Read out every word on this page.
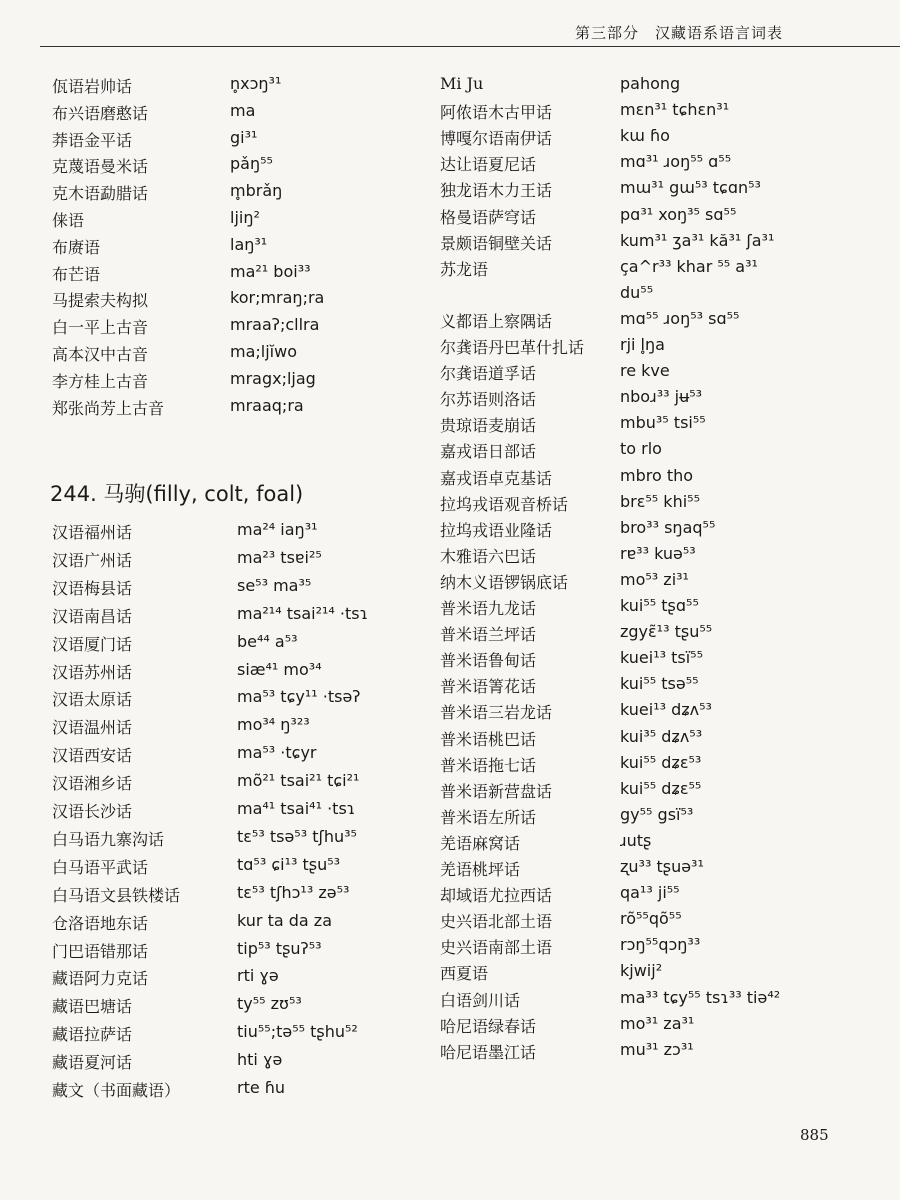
第三部分　汉藏语系语言词表
佤语岩帅话	n̥xɔŋ³¹
布兴语磨憨话	ma
莽语金平话	gi³¹
克蔑语曼米话	pǎŋ⁵⁵
克木语勐腊话	m̥brǎŋ
俫语	ljiŋ²
布赓语	laŋ³¹
布芒语	ma²¹ boi³³
马提索夫构拟	kor;mraŋ;ra
白一平上古音	mraaʔ;cllra
高本汉中古音	ma;ljĭwo
李方桂上古音	mragx;ljag
郑张尚芳上古音	mraaq;ra
244. 马驹(filly, colt, foal)
汉语福州话	ma²⁴ iaŋ³¹
汉语广州话	ma²³ tsɐi²⁵
汉语梅县话	se⁵³ ma³⁵
汉语南昌话	ma²¹⁴ tsai²¹⁴ ·tsɿ
汉语厦门话	be⁴⁴ a⁵³
汉语苏州话	siæ⁴¹ mo³⁴
汉语太原话	ma⁵³ tɕy¹¹ ·tsəʔ
汉语温州话	mo³⁴ ŋ³²³
汉语西安话	ma⁵³ ·tɕyr
汉语湘乡话	mõ²¹ tsai²¹ tɕi²¹
汉语长沙话	ma⁴¹ tsai⁴¹ ·tsɿ
白马语九寨沟话	tɛ⁵³ tsə⁵³ tʃhu³⁵
白马语平武话	tɑ⁵³ ɕi¹³ tʂu⁵³
白马语文县铁楼话	tɛ⁵³ tʃhɔ¹³ zə⁵³
仓洛语地东话	kur ta da za
门巴语错那话	tip⁵³ tʂuʔ⁵³
藏语阿力克话	rti ɣə
藏语巴塘话	ty⁵⁵ zʊ⁵³
藏语拉萨话	tiu⁵⁵;tə⁵⁵ tʂhu⁵²
藏语夏河话	hti ɣə
藏文（书面藏语）	rte ɦu
Mi Ju	pahong
阿侬语木古甲话	mɛn³¹ tɕhɛn³¹
博嘎尔语南伊话	kɯ ɦo
达让语夏尼话	mɑ³¹ ɹoŋ⁵⁵ ɑ⁵⁵
独龙语木力王话	mɯ³¹ gɯ⁵³ tɕɑn⁵³
格曼语萨穹话	pɑ³¹ xoŋ³⁵ sɑ⁵⁵
景颇语铜壁关话	kum³¹ ʒa³¹ kă³¹ ʃa³¹
苏龙语	ça^r³³ khar ⁵⁵ a³¹
du⁵⁵
义都语上察隅话	mɑ⁵⁵ ɹoŋ⁵³ sɑ⁵⁵
尔龚语丹巴革什扎话 rji l̥ŋa
尔龚语道孚话	re kve
尔苏语则洛话	nboɹ³³ jʉ⁵³
贵琼语麦崩话	mbu³⁵ tsi⁵⁵
嘉戎语日部话	to rlo
嘉戎语卓克基话	mbro tho
拉坞戎语观音桥话	brɛ⁵⁵ khi⁵⁵
拉坞戎语业隆话	bro³³ sŋaq⁵⁵
木雅语六巴话	rɐ³³ kuə⁵³
纳木义语锣锅底话	mo⁵³ zi³¹
普米语九龙话	kui⁵⁵ tʂɑ⁵⁵
普米语兰坪话	zgyɛ̃¹³ tʂu⁵⁵
普米语鲁甸话	kuei¹³ tsï⁵⁵
普米语箐花话	kui⁵⁵ tsə⁵⁵
普米语三岩龙话	kuei¹³ dʑʌ⁵³
普米语桃巴话	kui³⁵ dʑʌ⁵³
普米语拖七话	kui⁵⁵ dʑɛ⁵³
普米语新营盘话	kui⁵⁵ dʑɛ⁵⁵
普米语左所话	gy⁵⁵ gsï⁵³
羌语麻窝话	ɹutʂ
羌语桃坪话	ʐu³³ tʂuə³¹
却域语尤拉西话	qa¹³ ji⁵⁵
史兴语北部土语	rõ⁵⁵qõ⁵⁵
史兴语南部土语	rɔŋ⁵⁵qɔŋ³³
西夏语	kjwij²
白语剑川话	ma³³ tɕy⁵⁵ tsɿ³³ tiə⁴²
哈尼语绿春话	mo³¹ za³¹
哈尼语墨江话	mu³¹ zɔ³¹
885
